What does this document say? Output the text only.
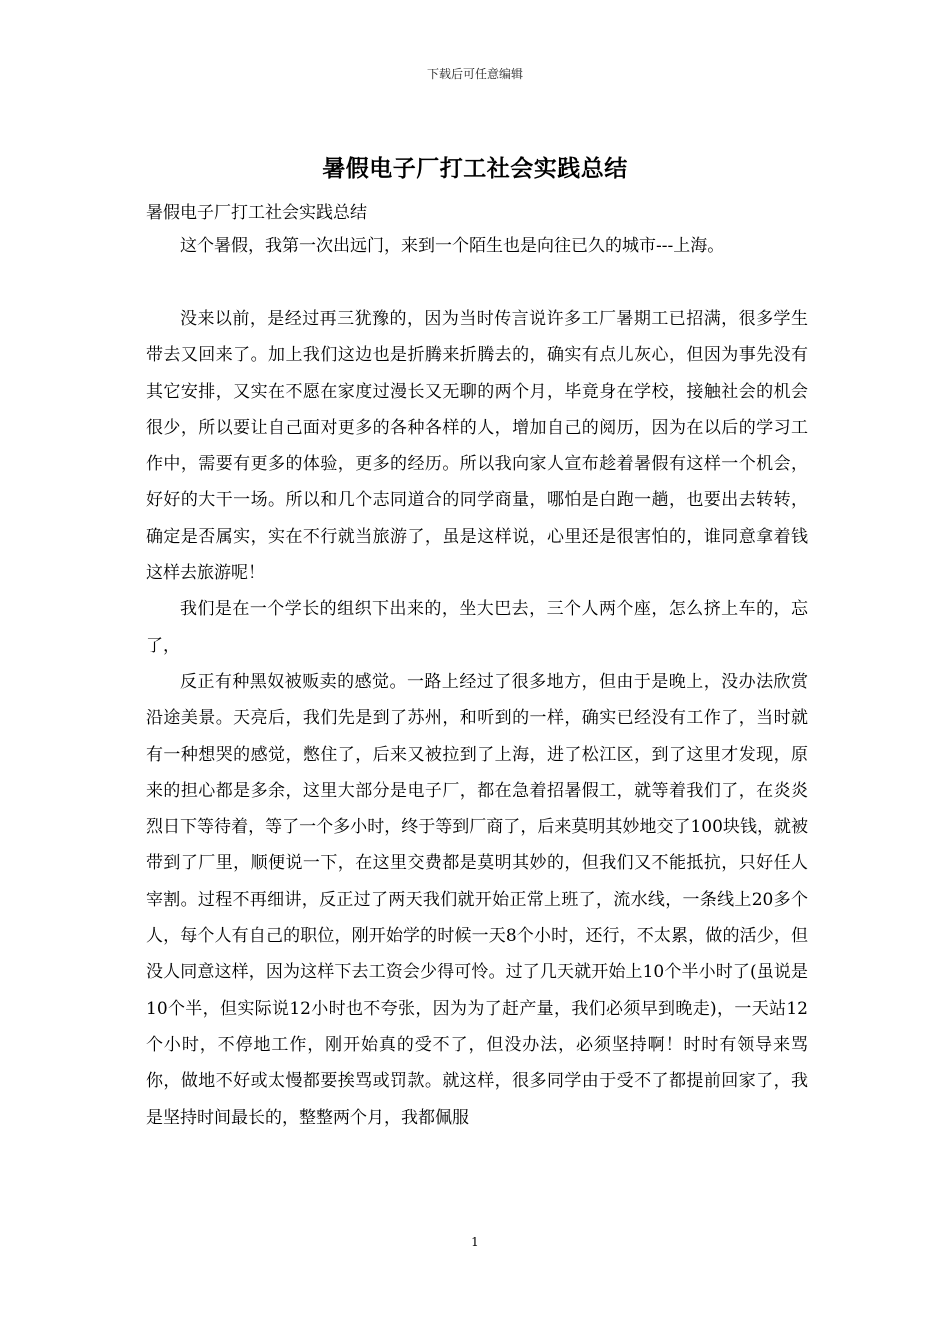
下载后可任意编辑
暑假电子厂打工社会实践总结

暑假电子厂打工社会实践总结

这个暑假，我第一次出远门，来到一个陌生也是向往已久的城市---上海。

没来以前，是经过再三犹豫的，因为当时传言说许多工厂暑期工已招满，很多学生带去又回来了。加上我们这边也是折腾来折腾去的，确实有点儿灰心，但因为事先没有其它安排，又实在不愿在家度过漫长又无聊的两个月，毕竟身在学校，接触社会的机会很少，所以要让自己面对更多的各种各样的人，增加自己的阅历，因为在以后的学习工作中，需要有更多的体验，更多的经历。所以我向家人宣布趁着暑假有这样一个机会，好好的大干一场。所以和几个志同道合的同学商量，哪怕是白跑一趟，也要出去转转，确定是否属实，实在不行就当旅游了，虽是这样说，心里还是很害怕的，谁同意拿着钱这样去旅游呢！

我们是在一个学长的组织下出来的，坐大巴去，三个人两个座，怎么挤上车的，忘了，

反正有种黑奴被贩卖的感觉。一路上经过了很多地方，但由于是晚上，没办法欣赏沿途美景。天亮后，我们先是到了苏州，和听到的一样，确实已经没有工作了，当时就有一种想哭的感觉，憋住了，后来又被拉到了上海，进了松江区，到了这里才发现，原来的担心都是多余，这里大部分是电子厂，都在急着招暑假工，就等着我们了，在炎炎烈日下等待着，等了一个多小时，终于等到厂商了，后来莫明其妙地交了100块钱，就被带到了厂里，顺便说一下，在这里交费都是莫明其妙的，但我们又不能抵抗，只好任人宰割。过程不再细讲，反正过了两天我们就开始正常上班了，流水线，一条线上20多个人，每个人有自己的职位，刚开始学的时候一天8个小时，还行，不太累，做的活少，但没人同意这样，因为这样下去工资会少得可怜。过了几天就开始上10个半小时了(虽说是10个半，但实际说12小时也不夸张，因为为了赶产量，我们必须早到晚走)，一天站12个小时，不停地工作，刚开始真的受不了，但没办法，必须坚持啊！时时有领导来骂你，做地不好或太慢都要挨骂或罚款。就这样，很多同学由于受不了都提前回家了，我是坚持时间最长的，整整两个月，我都佩服

1
